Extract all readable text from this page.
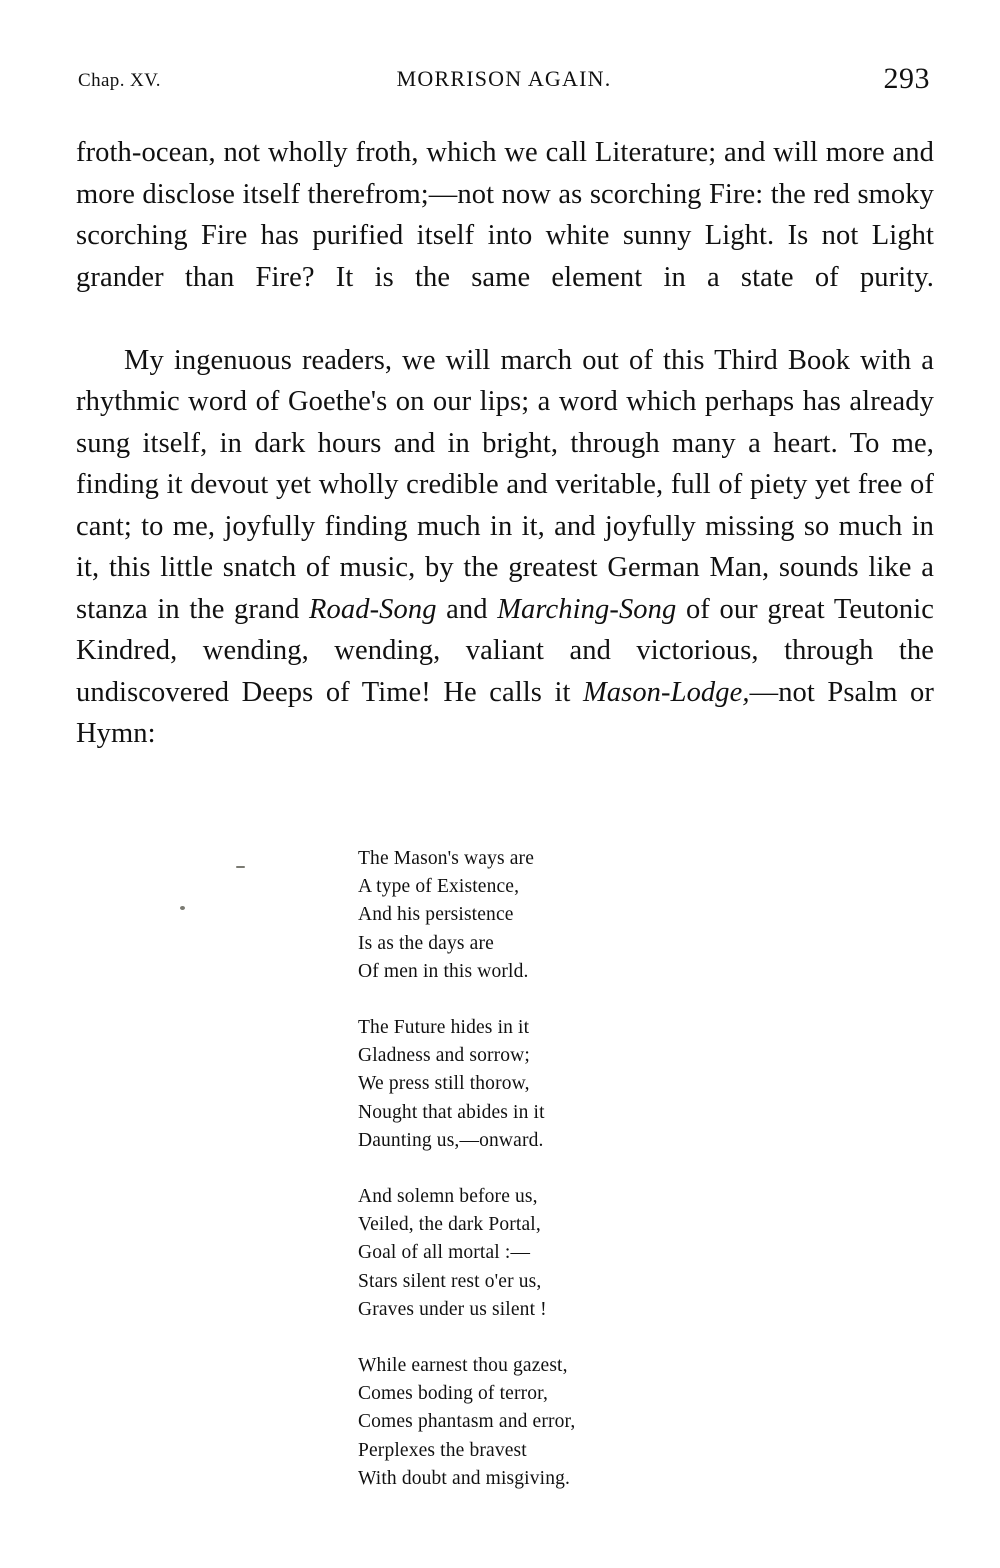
Chap. XV.	MORRISON AGAIN.	293

froth-ocean, not wholly froth, which we call Literature; and will more and more disclose itself therefrom;—not now as scorching Fire: the red smoky scorching Fire has purified itself into white sunny Light. Is not Light grander than Fire? It is the same element in a state of purity.

My ingenuous readers, we will march out of this Third Book with a rhythmic word of Goethe's on our lips; a word which perhaps has already sung itself, in dark hours and in bright, through many a heart. To me, finding it devout yet wholly credible and veritable, full of piety yet free of cant; to me, joyfully finding much in it, and joyfully missing so much in it, this little snatch of music, by the greatest German Man, sounds like a stanza in the grand Road-Song and Marching-Song of our great Teutonic Kindred, wending, wending, valiant and victorious, through the undiscovered Deeps of Time! He calls it Mason-Lodge,—not Psalm or Hymn:

The Mason's ways are
A type of Existence,
And his persistence
Is as the days are
Of men in this world.
The Future hides in it
Gladness and sorrow;
We press still thorow,
Nought that abides in it
Daunting us,—onward.
And solemn before us,
Veiled, the dark Portal,
Goal of all mortal :—
Stars silent rest o'er us,
Graves under us silent !
While earnest thou gazest,
Comes boding of terror,
Comes phantasm and error,
Perplexes the bravest
With doubt and misgiving.
